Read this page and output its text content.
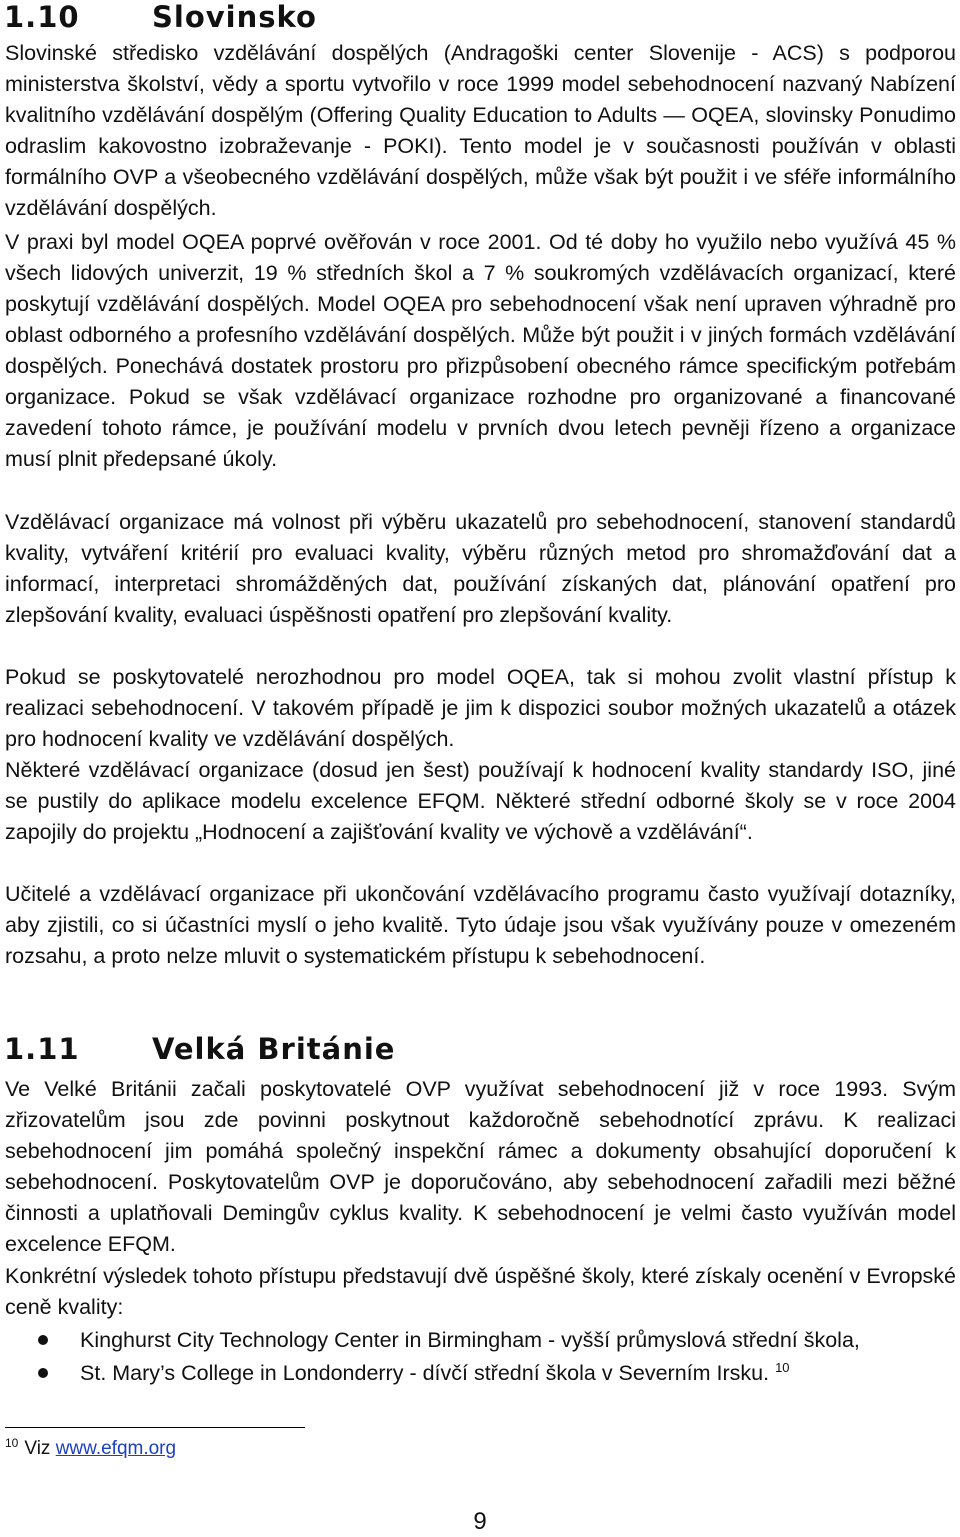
1.10 Slovinsko

Slovinské středisko vzdělávání dospělých (Andragoški center Slovenije - ACS) s podporou ministerstva školství, vědy a sportu vytvořilo v roce 1999 model sebehodnocení nazvaný Nabízení kvalitního vzdělávání dospělým (Offering Quality Education to Adults ― OQEA, slovinsky Ponudimo odraslim kakovostno izobraževanje - POKI). Tento model je v současnosti používán v oblasti formálního OVP a všeobecného vzdělávání dospělých, může však být použit i ve sféře informálního vzdělávání dospělých.

V praxi byl model OQEA poprvé ověřován v roce 2001. Od té doby ho využilo nebo využívá 45 % všech lidových univerzit, 19 % středních škol a 7 % soukromých vzdělávacích organizací, které poskytují vzdělávání dospělých. Model OQEA pro sebehodnocení však není upraven výhradně pro oblast odborného a profesního vzdělávání dospělých. Může být použit i v jiných formách vzdělávání dospělých. Ponechává dostatek prostoru pro přizpůsobení obecného rámce specifickým potřebám organizace. Pokud se však vzdělávací organizace rozhodne pro organizované a financované zavedení tohoto rámce, je používání modelu v prvních dvou letech pevněji řízeno a organizace musí plnit předepsané úkoly.

Vzdělávací organizace má volnost při výběru ukazatelů pro sebehodnocení, stanovení standardů kvality, vytváření kritérií pro evaluaci kvality, výběru různých metod pro shromažďování dat a informací, interpretaci shromážděných dat, používání získaných dat, plánování opatření pro zlepšování kvality, evaluaci úspěšnosti opatření pro zlepšování kvality.

Pokud se poskytovatelé nerozhodnou pro model OQEA, tak si mohou zvolit vlastní přístup k realizaci sebehodnocení. V takovém případě je jim k dispozici soubor možných ukazatelů a otázek pro hodnocení kvality ve vzdělávání dospělých.

Některé vzdělávací organizace (dosud jen šest) používají k hodnocení kvality standardy ISO, jiné se pustily do aplikace modelu excelence EFQM. Některé střední odborné školy se v roce 2004 zapojily do projektu „Hodnocení a zajišťování kvality ve výchově a vzdělávání“.

Učitelé a vzdělávací organizace při ukončování vzdělávacího programu často využívají dotazníky, aby zjistili, co si účastníci myslí o jeho kvalitě. Tyto údaje jsou však využívány pouze v omezeném rozsahu, a proto nelze mluvit o systematickém přístupu k sebehodnocení.

1.11 Velká Británie

Ve Velké Británii začali poskytovatelé OVP využívat sebehodnocení již v roce 1993. Svým zřizovatelům jsou zde povinni poskytnout každoročně sebehodnotící zprávu. K realizaci sebehodnocení jim pomáhá společný inspekční rámec a dokumenty obsahující doporučení k sebehodnocení. Poskytovatelům OVP je doporučováno, aby sebehodnocení zařadili mezi běžné činnosti a uplatňovali Demingův cyklus kvality. K sebehodnocení je velmi často využíván model excelence EFQM.

Konkrétní výsledek tohoto přístupu představují dvě úspěšné školy, které získaly ocenění v Evropské ceně kvality:

Kinghurst City Technology Center in Birmingham - vyšší průmyslová střední škola,
St. Mary’s College in Londonderry - dívčí střední škola v Severním Irsku. $^{10}$
$^{10}$ Viz www.efqm.org
9
